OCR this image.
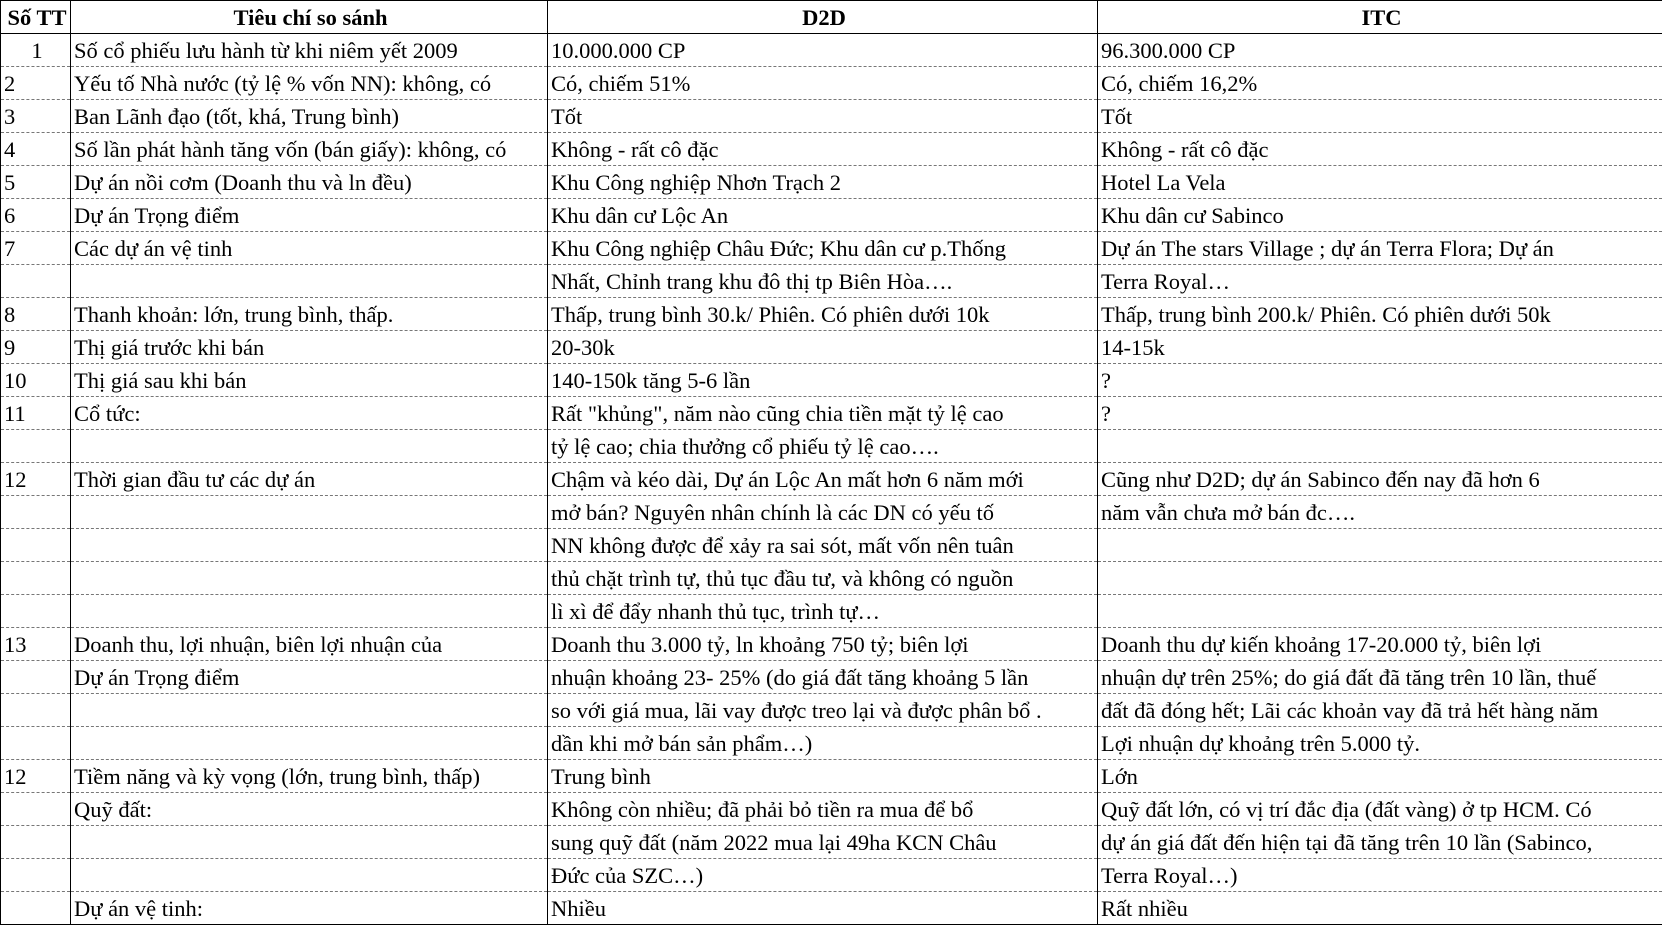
Số TT	Tiêu chí so sánh	D2D	ITC
1	Số cổ phiếu lưu hành từ khi niêm yết 2009	10.000.000 CP	96.300.000 CP
2	Yếu tố Nhà nước (tỷ lệ % vốn NN): không, có	Có, chiếm 51%	Có, chiếm 16,2%
3	Ban Lãnh đạo (tốt, khá, Trung bình)	Tốt	Tốt
4	Số lần phát hành tăng vốn (bán giấy): không, có	Không - rất cô đặc	Không - rất cô đặc
5	Dự án nồi cơm (Doanh thu và ln đều)	Khu Công nghiệp Nhơn Trạch 2	Hotel La Vela
6	Dự án Trọng điểm	Khu dân cư Lộc An	Khu dân cư Sabinco
7	Các dự án vệ tinh	Khu Công nghiệp Châu Đức; Khu dân cư p.Thống	Dự án The stars Village ; dự án Terra Flora; Dự án
		Nhất, Chỉnh trang khu đô thị tp Biên Hòa….	Terra Royal…
8	Thanh khoản: lớn, trung bình, thấp.	Thấp, trung bình 30.k/ Phiên. Có phiên dưới 10k	Thấp, trung bình 200.k/ Phiên. Có phiên dưới 50k
9	Thị giá trước khi bán	20-30k	14-15k
10	Thị giá sau khi bán	140-150k tăng 5-6 lần	?
11	Cổ tức:	Rất "khủng", năm nào cũng chia tiền mặt tỷ lệ cao	?
		tỷ lệ cao; chia thưởng cổ phiếu tỷ lệ cao….	
12	Thời gian đầu tư các dự án	Chậm và kéo dài, Dự án Lộc An mất hơn 6 năm mới	Cũng như D2D; dự án Sabinco đến nay đã hơn 6
		mở bán? Nguyên nhân chính là các DN có yếu tố	năm vẫn chưa mở bán đc….
		NN không được để xảy ra sai sót, mất vốn nên tuân	
		thủ chặt trình tự, thủ tục đầu tư, và không có nguồn	
		lì xì để đẩy nhanh thủ tục, trình tự…	
13	Doanh thu, lợi nhuận, biên lợi nhuận của	Doanh thu 3.000 tỷ, ln khoảng 750 tỷ; biên lợi	Doanh thu dự kiến khoảng 17-20.000 tỷ, biên lợi
	Dự án Trọng điểm	nhuận khoảng 23- 25% (do giá đất tăng khoảng 5 lần	nhuận dự trên 25%; do giá đất đã tăng trên 10 lần, thuế
		so với giá mua, lãi vay được treo lại và được phân bổ .	đất đã đóng hết; Lãi các khoản vay đã trả hết hàng năm
		dần khi mở bán sản phẩm…)	Lợi nhuận dự khoảng trên 5.000 tỷ.
12	Tiềm năng và kỳ vọng (lớn, trung bình, thấp)	Trung bình	Lớn
	Quỹ đất:	Không còn nhiều; đã phải bỏ tiền ra mua để bổ	Quỹ đất lớn, có vị trí đắc địa (đất vàng) ở tp HCM. Có
		sung quỹ đất (năm 2022 mua lại 49ha KCN Châu	dự án giá đất đến hiện tại đã tăng trên 10 lần (Sabinco,
		Đức của SZC…)	Terra Royal…)
	Dự án vệ tinh:	Nhiều	Rất nhiều
